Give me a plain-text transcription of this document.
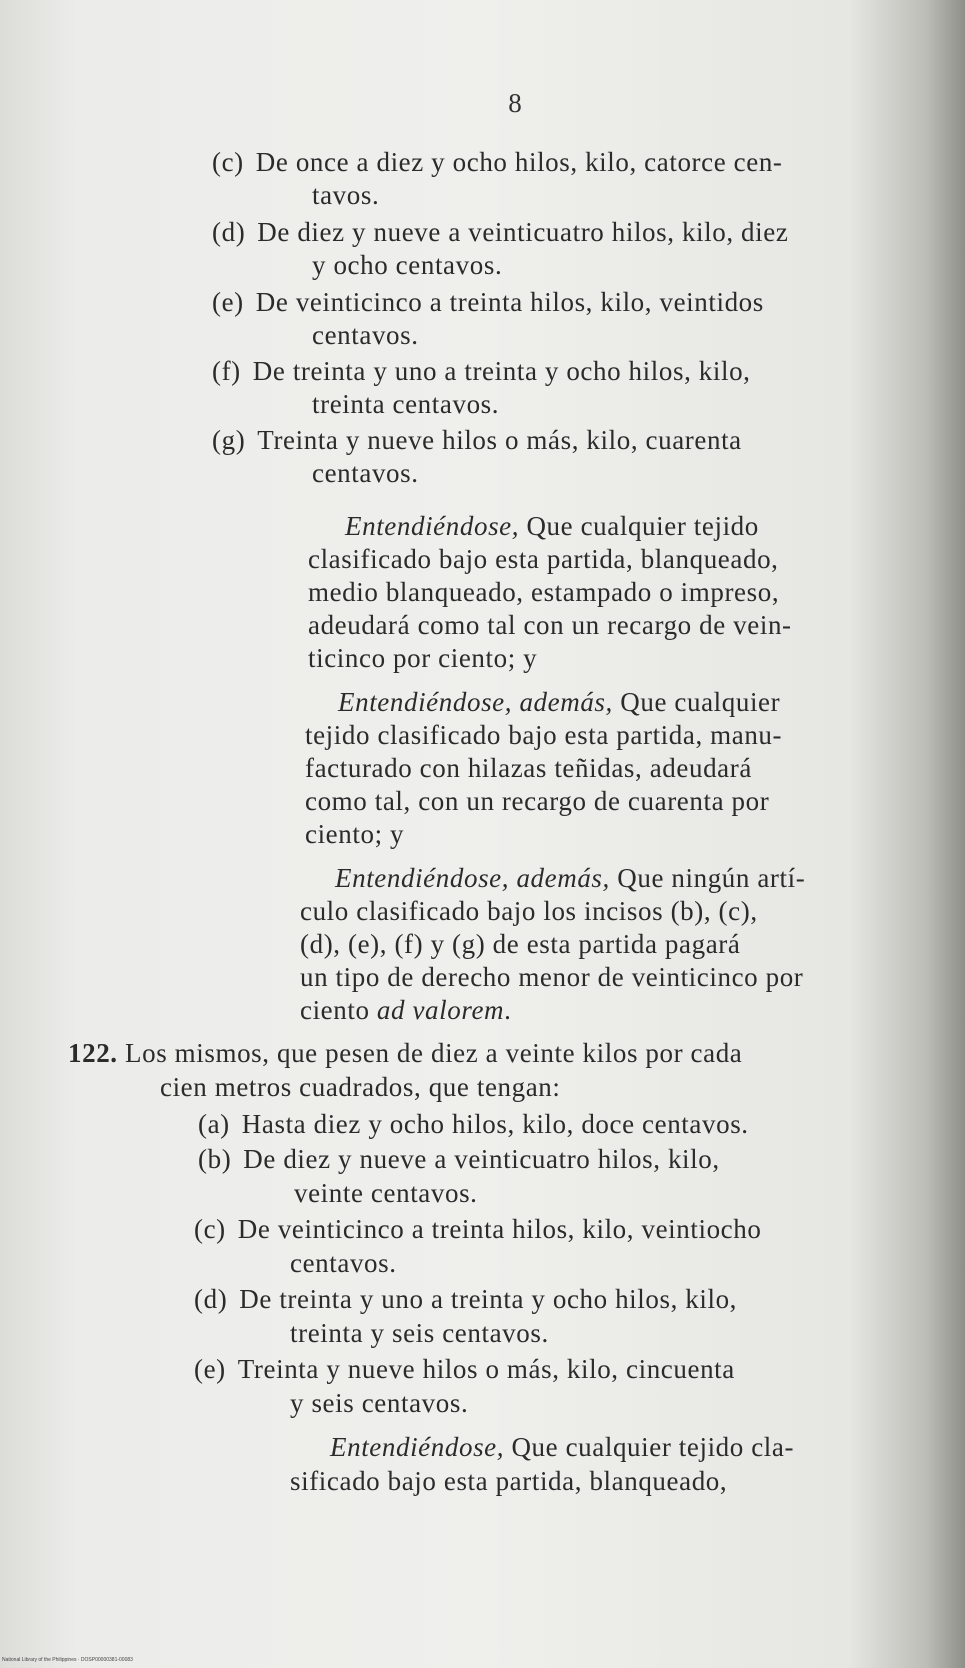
8
(c) De once a diez y ocho hilos, kilo, catorce cen-
tavos.
(d) De diez y nueve a veinticuatro hilos, kilo, diez
y ocho centavos.
(e) De veinticinco a treinta hilos, kilo, veintidos
centavos.
(f) De treinta y uno a treinta y ocho hilos, kilo,
treinta centavos.
(g) Treinta y nueve hilos o más, kilo, cuarenta
centavos.
Entendiéndose, Que cualquier tejido
clasificado bajo esta partida, blanqueado,
medio blanqueado, estampado o impreso,
adeudará como tal con un recargo de vein-
ticinco por ciento; y
Entendiéndose, además, Que cualquier
tejido clasificado bajo esta partida, manu-
facturado con hilazas teñidas, adeudará
como tal, con un recargo de cuarenta por
ciento; y
Entendiéndose, además, Que ningún artí-
culo clasificado bajo los incisos (b), (c),
(d), (e), (f) y (g) de esta partida pagará
un tipo de derecho menor de veinticinco por
ciento ad valorem.
122. Los mismos, que pesen de diez a veinte kilos por cada
cien metros cuadrados, que tengan:
(a) Hasta diez y ocho hilos, kilo, doce centavos.
(b) De diez y nueve a veinticuatro hilos, kilo,
veinte centavos.
(c) De veinticinco a treinta hilos, kilo, veintiocho
centavos.
(d) De treinta y uno a treinta y ocho hilos, kilo,
treinta y seis centavos.
(e) Treinta y nueve hilos o más, kilo, cincuenta
y seis centavos.
Entendiéndose, Que cualquier tejido cla-
sificado bajo esta partida, blanqueado,
National Library of the Philippines · DOSP00000381-00083
